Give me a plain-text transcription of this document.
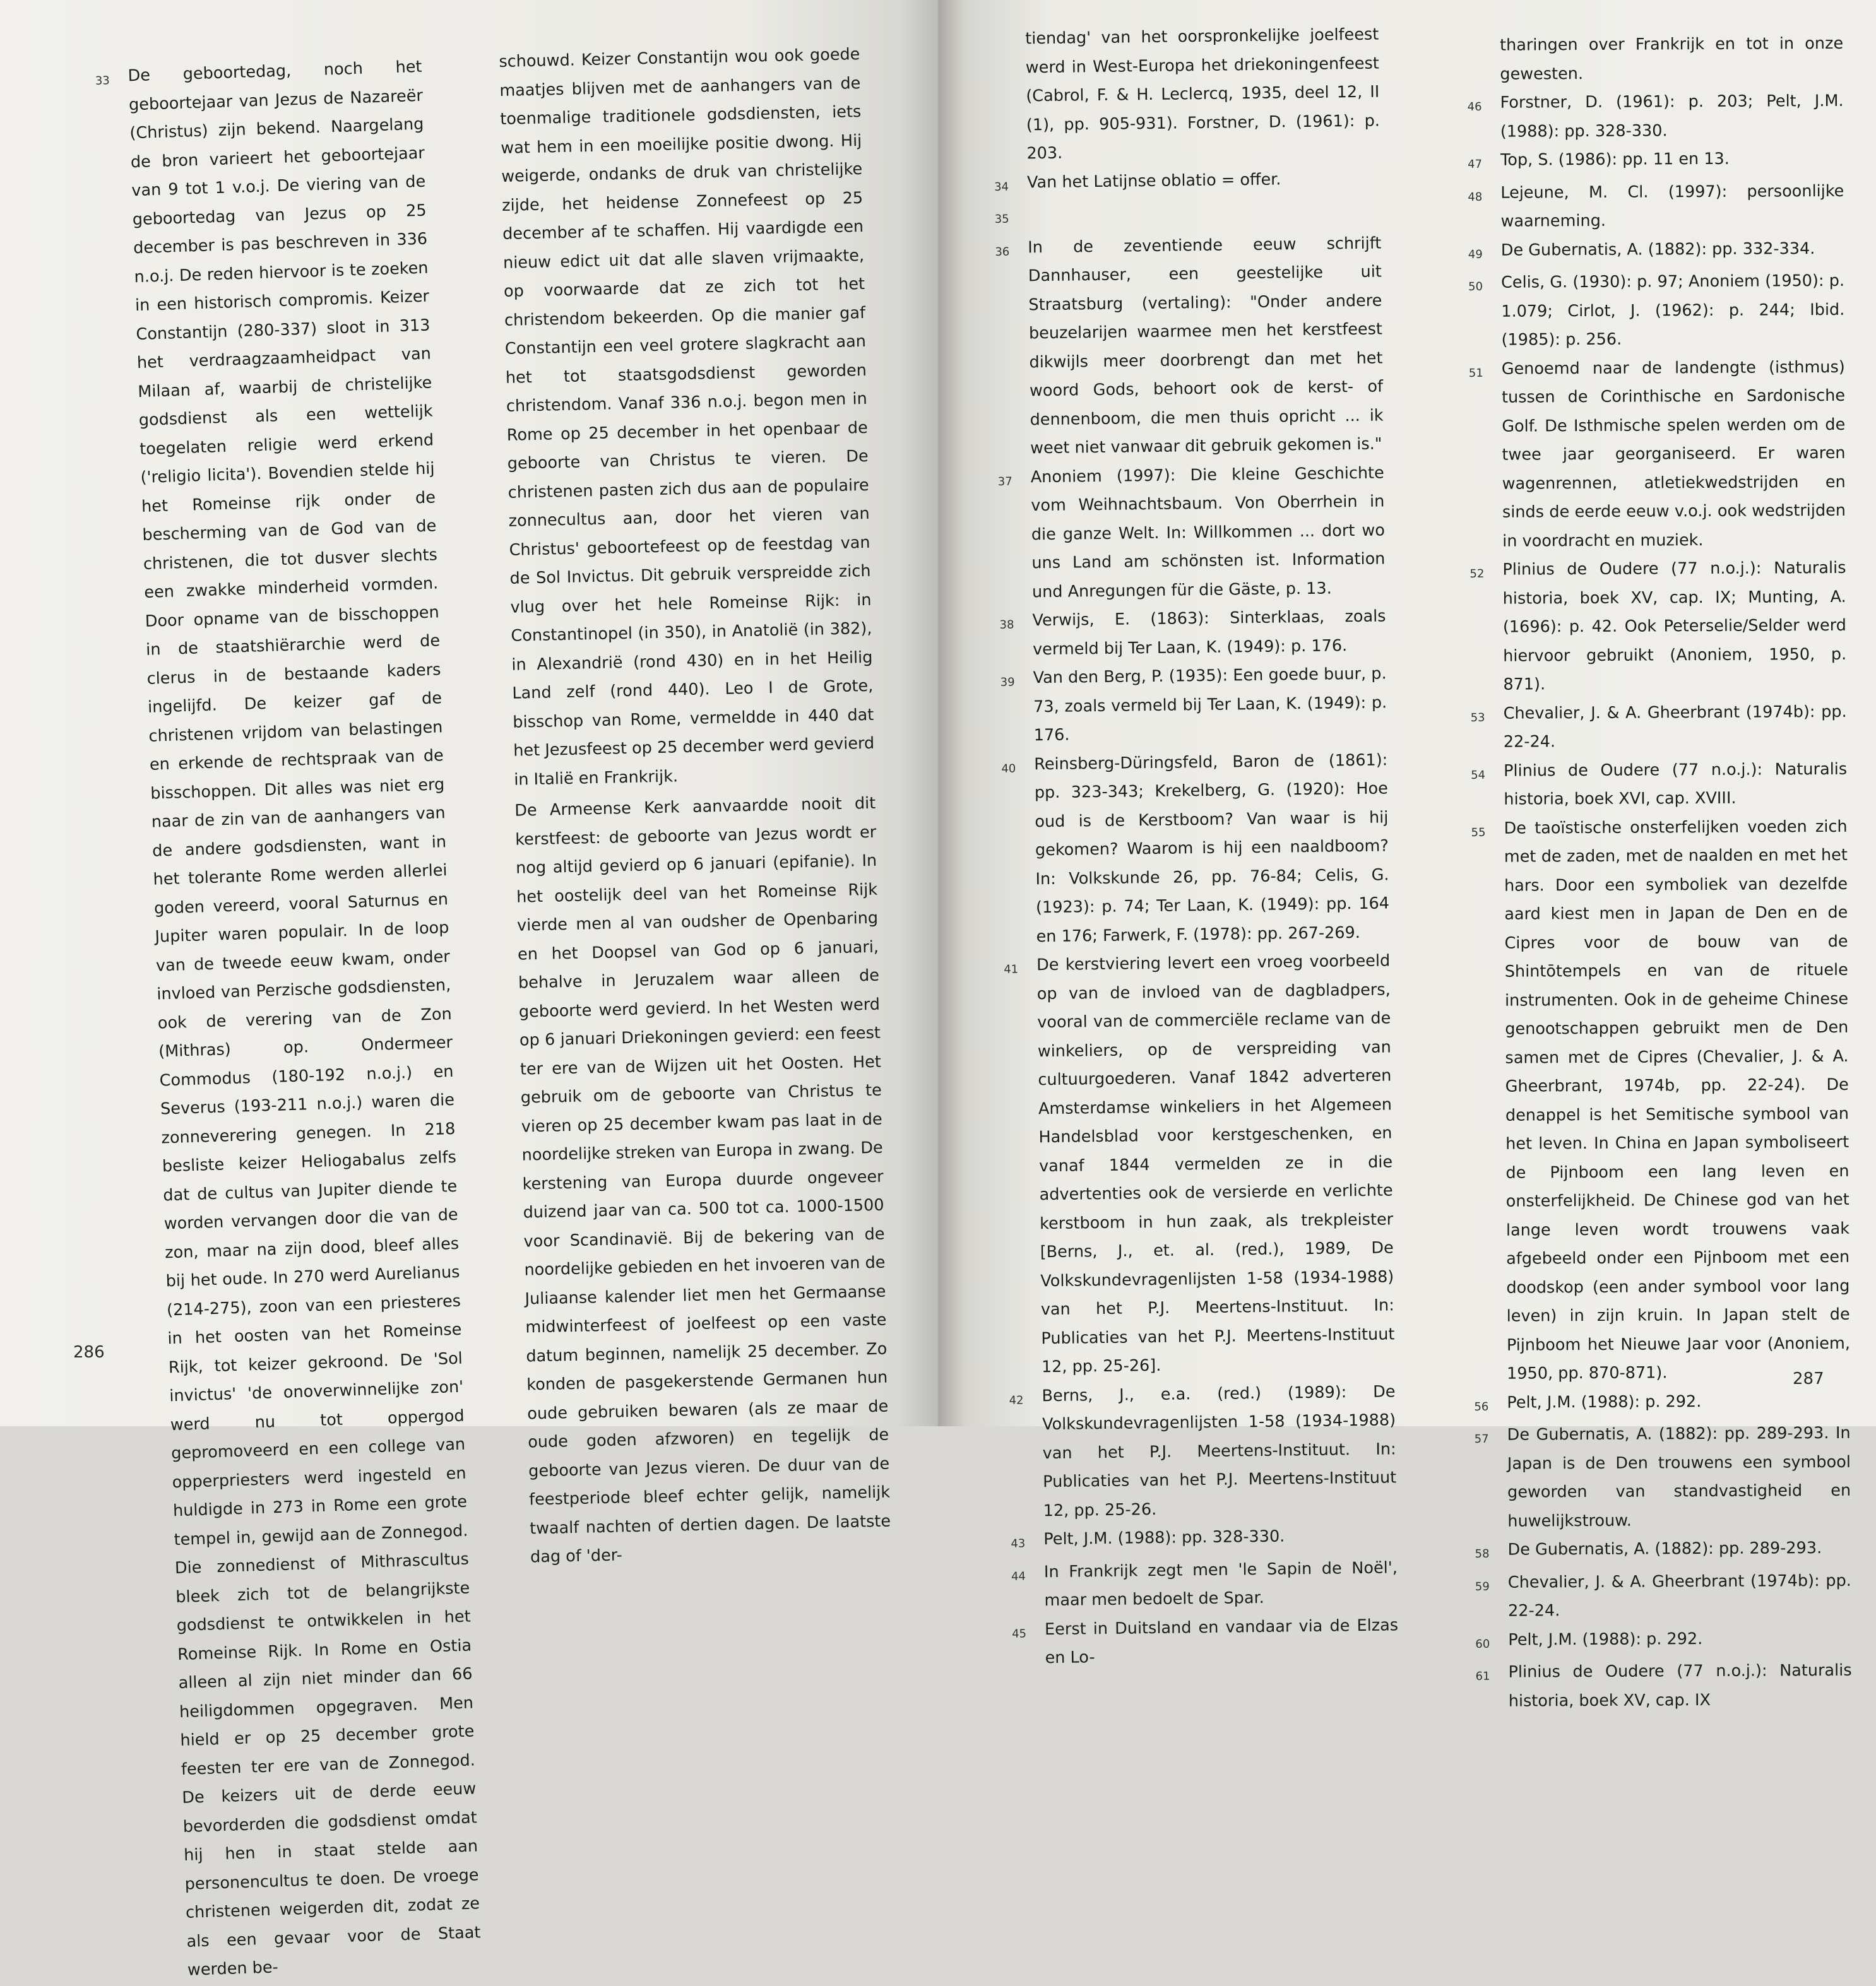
33	De geboortedag, noch het geboortejaar van Jezus de Nazareër (Christus) zijn bekend. Naargelang de bron varieert het geboortejaar van 9 tot 1 v.o.j. De viering van de geboortedag van Jezus op 25 december is pas beschreven in 336 n.o.j. De reden hiervoor is te zoeken in een historisch compromis. Keizer Constantijn (280-337) sloot in 313 het verdraagzaamheidpact van Milaan af, waarbij de christelijke godsdienst als een wettelijk toegelaten religie werd erkend ('religio licita'). Bovendien stelde hij het Romeinse rijk onder de bescherming van de God van de christenen, die tot dusver slechts een zwakke minderheid vormden. Door opname van de bisschoppen in de staatshiërarchie werd de clerus in de bestaande kaders ingelijfd. De keizer gaf de christenen vrijdom van belastingen en erkende de rechtspraak van de bisschoppen. Dit alles was niet erg naar de zin van de aanhangers van de andere godsdiensten, want in het tolerante Rome werden allerlei goden vereerd, vooral Saturnus en Jupiter waren populair. In de loop van de tweede eeuw kwam, onder invloed van Perzische godsdiensten, ook de verering van de Zon (Mithras) op. Ondermeer Commodus (180-192 n.o.j.) en Severus (193-211 n.o.j.) waren die zonneverering genegen. In 218 besliste keizer Heliogabalus zelfs dat de cultus van Jupiter diende te worden vervangen door die van de zon, maar na zijn dood, bleef alles bij het oude. In 270 werd Aurelianus (214-275), zoon van een priesteres in het oosten van het Romeinse Rijk, tot keizer gekroond. De 'Sol invictus' 'de onoverwinnelijke zon' werd nu tot oppergod gepromoveerd en een college van opperpriesters werd ingesteld en huldigde in 273 in Rome een grote tempel in, gewijd aan de Zonnegod. Die zonnedienst of Mithrascultus bleek zich tot de belangrijkste godsdienst te ontwikkelen in het Romeinse Rijk. In Rome en Ostia alleen al zijn niet minder dan 66 heiligdommen opgegraven. Men hield er op 25 december grote feesten ter ere van de Zonnegod. De keizers uit de derde eeuw bevorderden die godsdienst omdat hij hen in staat stelde aan personencultus te doen. De vroege christenen weigerden dit, zodat ze als een gevaar voor de Staat werden be-

schouwd. Keizer Constantijn wou ook goede maatjes blijven met de aanhangers van de toenmalige traditionele godsdiensten, iets wat hem in een moeilijke positie dwong. Hij weigerde, ondanks de druk van christelijke zijde, het heidense Zonnefeest op 25 december af te schaffen. Hij vaardigde een nieuw edict uit dat alle slaven vrijmaakte, op voorwaarde dat ze zich tot het christendom bekeerden. Op die manier gaf Constantijn een veel grotere slagkracht aan het tot staatsgodsdienst geworden christendom. Vanaf 336 n.o.j. begon men in Rome op 25 december in het openbaar de geboorte van Christus te vieren. De christenen pasten zich dus aan de populaire zonnecultus aan, door het vieren van Christus' geboortefeest op de feestdag van de Sol Invictus. Dit gebruik verspreidde zich vlug over het hele Romeinse Rijk: in Constantinopel (in 350), in Anatolië (in 382), in Alexandrië (rond 430) en in het Heilig Land zelf (rond 440). Leo I de Grote, bisschop van Rome, vermeldde in 440 dat het Jezusfeest op 25 december werd gevierd in Italië en Frankrijk.

De Armeense Kerk aanvaardde nooit dit kerstfeest: de geboorte van Jezus wordt er nog altijd gevierd op 6 januari (epifanie). In het oostelijk deel van het Romeinse Rijk vierde men al van oudsher de Openbaring en het Doopsel van God op 6 januari, behalve in Jeruzalem waar alleen de geboorte werd gevierd. In het Westen werd op 6 januari Driekoningen gevierd: een feest ter ere van de Wijzen uit het Oosten. Het gebruik om de geboorte van Christus te vieren op 25 december kwam pas laat in de noordelijke streken van Europa in zwang. De kerstening van Europa duurde ongeveer duizend jaar van ca. 500 tot ca. 1000-1500 voor Scandinavië. Bij de bekering van de noordelijke gebieden en het invoeren van de Juliaanse kalender liet men het Germaanse midwinterfeest of joelfeest op een vaste datum beginnen, namelijk 25 december. Zo konden de pasgekerstende Germanen hun oude gebruiken bewaren (als ze maar de oude goden afzworen) en tegelijk de geboorte van Jezus vieren. De duur van de feestperiode bleef echter gelijk, namelijk twaalf nachten of dertien dagen. De laatste dag of 'der-

286

tiendag' van het oorspronkelijke joelfeest werd in West-Europa het driekoningenfeest (Cabrol, F. & H. Leclercq, 1935, deel 12, II (1), pp. 905-931). Forstner, D. (1961): p. 203.

34	Van het Latijnse oblatio = offer.

35

36	In de zeventiende eeuw schrijft Dannhauser, een geestelijke uit Straatsburg (vertaling): "Onder andere beuzelarijen waarmee men het kerstfeest dikwijls meer doorbrengt dan met het woord Gods, behoort ook de kerst- of dennenboom, die men thuis opricht ... ik weet niet vanwaar dit gebruik gekomen is."

37	Anoniem (1997): Die kleine Geschichte vom Weihnachtsbaum. Von Oberrhein in die ganze Welt. In: Willkommen ... dort wo uns Land am schönsten ist. Information und Anregungen für die Gäste, p. 13.

38	Verwijs, E. (1863): Sinterklaas, zoals vermeld bij Ter Laan, K. (1949): p. 176.

39	Van den Berg, P. (1935): Een goede buur, p. 73, zoals vermeld bij Ter Laan, K. (1949): p. 176.

40	Reinsberg-Düringsfeld, Baron de (1861): pp. 323-343; Krekelberg, G. (1920): Hoe oud is de Kerstboom? Van waar is hij gekomen? Waarom is hij een naaldboom? In: Volkskunde 26, pp. 76-84; Celis, G. (1923): p. 74; Ter Laan, K. (1949): pp. 164 en 176; Farwerk, F. (1978): pp. 267-269.

41	De kerstviering levert een vroeg voorbeeld op van de invloed van de dagbladpers, vooral van de commerciële reclame van de winkeliers, op de verspreiding van cultuurgoederen. Vanaf 1842 adverteren Amsterdamse winkeliers in het Algemeen Handelsblad voor kerstgeschenken, en vanaf 1844 vermelden ze in die advertenties ook de versierde en verlichte kerstboom in hun zaak, als trekpleister [Berns, J., et. al. (red.), 1989, De Volkskundevragenlijsten 1-58 (1934-1988) van het P.J. Meertens-Instituut. In: Publicaties van het P.J. Meertens-Instituut 12, pp. 25-26].

42	Berns, J., e.a. (red.) (1989): De Volkskundevragenlijsten 1-58 (1934-1988) van het P.J. Meertens-Instituut. In: Publicaties van het P.J. Meertens-Instituut 12, pp. 25-26.

43	Pelt, J.M. (1988): pp. 328-330.

44	In Frankrijk zegt men 'le Sapin de Noël', maar men bedoelt de Spar.

45	Eerst in Duitsland en vandaar via de Elzas en Lo-

tharingen over Frankrijk en tot in onze gewesten.

46	Forstner, D. (1961): p. 203; Pelt, J.M. (1988): pp. 328-330.

47	Top, S. (1986): pp. 11 en 13.

48	Lejeune, M. Cl. (1997): persoonlijke waarneming.

49	De Gubernatis, A. (1882): pp. 332-334.

50	Celis, G. (1930): p. 97; Anoniem (1950): p. 1.079; Cirlot, J. (1962): p. 244; Ibid. (1985): p. 256.

51	Genoemd naar de landengte (isthmus) tussen de Corinthische en Sardonische Golf. De Isthmische spelen werden om de twee jaar georganiseerd. Er waren wagenrennen, atletiekwedstrijden en sinds de eerde eeuw v.o.j. ook wedstrijden in voordracht en muziek.

52	Plinius de Oudere (77 n.o.j.): Naturalis historia, boek XV, cap. IX; Munting, A. (1696): p. 42. Ook Peterselie/Selder werd hiervoor gebruikt (Anoniem, 1950, p. 871).

53	Chevalier, J. & A. Gheerbrant (1974b): pp. 22-24.

54	Plinius de Oudere (77 n.o.j.): Naturalis historia, boek XVI, cap. XVIII.

55	De taoïstische onsterfelijken voeden zich met de zaden, met de naalden en met het hars. Door een symboliek van dezelfde aard kiest men in Japan de Den en de Cipres voor de bouw van de Shintōtempels en van de rituele instrumenten. Ook in de geheime Chinese genootschappen gebruikt men de Den samen met de Cipres (Chevalier, J. & A. Gheerbrant, 1974b, pp. 22-24). De denappel is het Semitische symbool van het leven. In China en Japan symboliseert de Pijnboom een lang leven en onsterfelijkheid. De Chinese god van het lange leven wordt trouwens vaak afgebeeld onder een Pijnboom met een doodskop (een ander symbool voor lang leven) in zijn kruin. In Japan stelt de Pijnboom het Nieuwe Jaar voor (Anoniem, 1950, pp. 870-871).

56	Pelt, J.M. (1988): p. 292.

57	De Gubernatis, A. (1882): pp. 289-293. In Japan is de Den trouwens een symbool geworden van standvastigheid en huwelijkstrouw.

58	De Gubernatis, A. (1882): pp. 289-293.

59	Chevalier, J. & A. Gheerbrant (1974b): pp. 22-24.

60	Pelt, J.M. (1988): p. 292.

61	Plinius de Oudere (77 n.o.j.): Naturalis historia, boek XV, cap. IX

287
